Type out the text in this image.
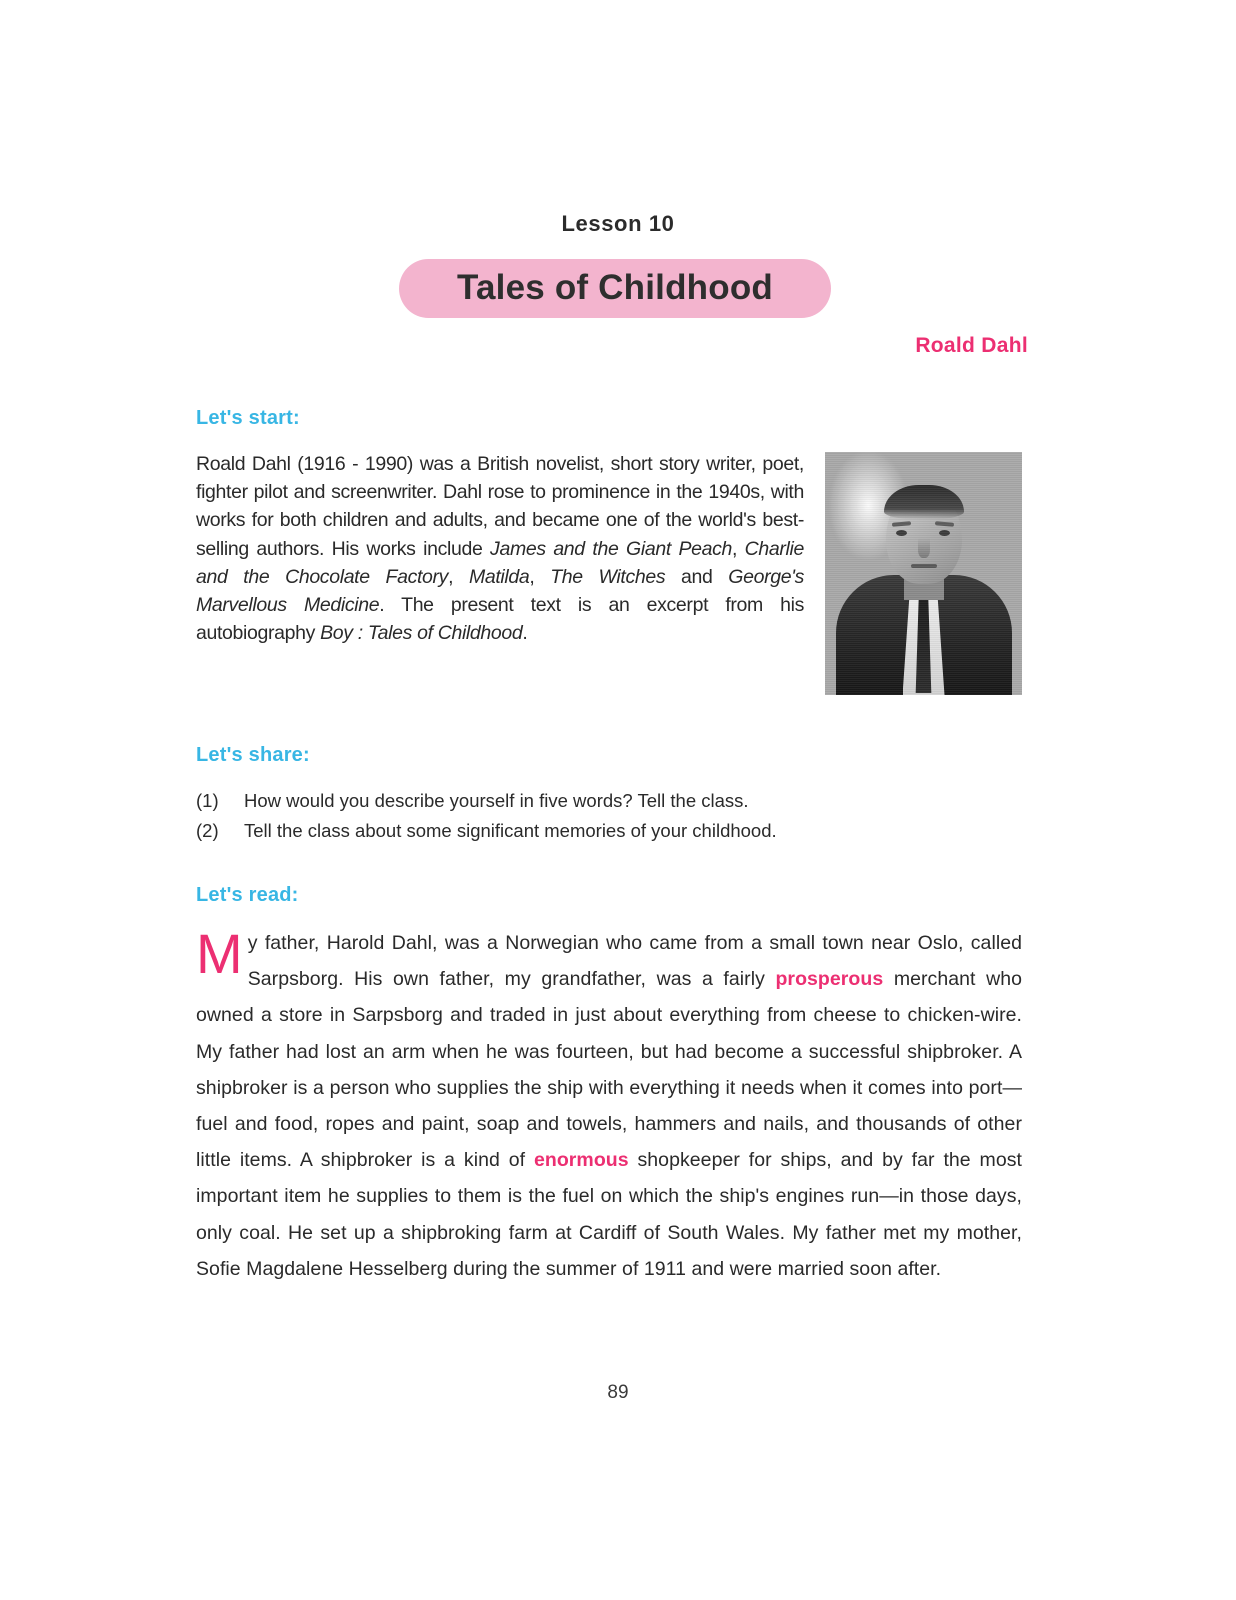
Lesson 10
Tales of Childhood
Roald Dahl
Let's start:
Roald Dahl (1916 - 1990) was a British novelist, short story writer, poet, fighter pilot and screenwriter. Dahl rose to prominence in the 1940s, with works for both children and adults, and became one of the world's best-selling authors. His works include James and the Giant Peach, Charlie and the Chocolate Factory, Matilda, The Witches and George's Marvellous Medicine. The present text is an excerpt from his autobiography Boy : Tales of Childhood.
Let's share:
(1)	How would you describe yourself in five words? Tell the class.
(2)	Tell the class about some significant memories of your childhood.
Let's read:
My father, Harold Dahl, was a Norwegian who came from a small town near Oslo, called Sarpsborg. His own father, my grandfather, was a fairly prosperous merchant who owned a store in Sarpsborg and traded in just about everything from cheese to chicken-wire. My father had lost an arm when he was fourteen, but had become a successful shipbroker. A shipbroker is a person who supplies the ship with everything it needs when it comes into port—fuel and food, ropes and paint, soap and towels, hammers and nails, and thousands of other little items. A shipbroker is a kind of enormous shopkeeper for ships, and by far the most important item he supplies to them is the fuel on which the ship's engines run—in those days, only coal. He set up a shipbroking farm at Cardiff of South Wales. My father met my mother, Sofie Magdalene Hesselberg during the summer of 1911 and were married soon after.
89
